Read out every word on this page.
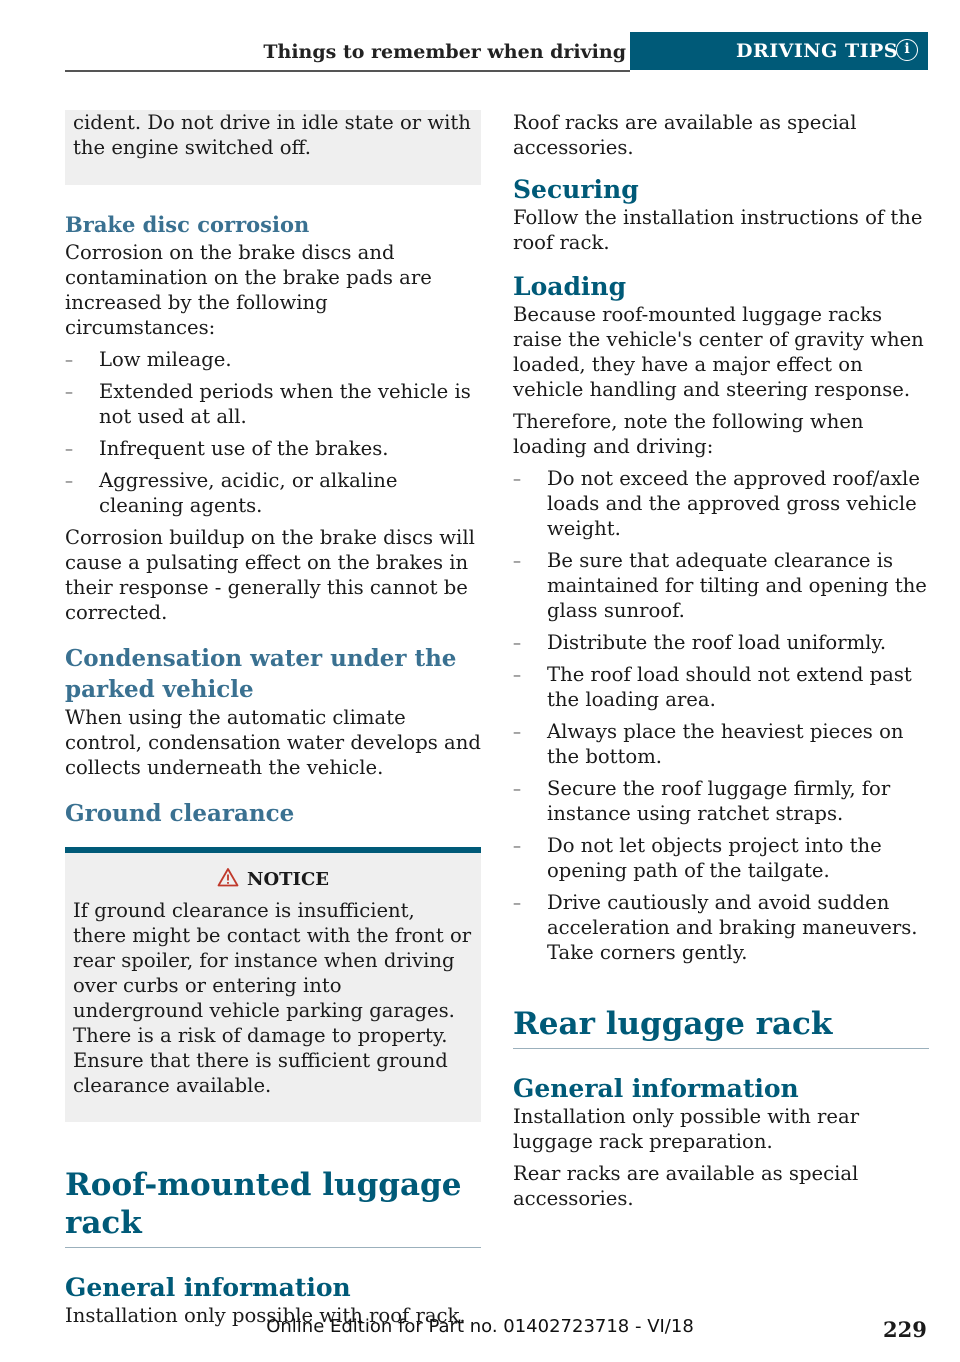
Things to remember when driving	DRIVING TIPS i

cident. Do not drive in idle state or with the engine switched off.

Brake disc corrosion

Corrosion on the brake discs and contamination on the brake pads are increased by the following circumstances:

– Low mileage.
– Extended periods when the vehicle is not used at all.
– Infrequent use of the brakes.
– Aggressive, acidic, or alkaline cleaning agents.

Corrosion buildup on the brake discs will cause a pulsating effect on the brakes in their response - generally this cannot be corrected.

Condensation water under the parked vehicle

When using the automatic climate control, condensation water develops and collects underneath the vehicle.

Ground clearance
NOTICE

If ground clearance is insufficient, there might be contact with the front or rear spoiler, for instance when driving over curbs or entering into underground vehicle parking garages. There is a risk of damage to property. Ensure that there is sufficient ground clearance available.

Roof-mounted luggage rack
General information

Installation only possible with roof rack.

Roof racks are available as special accessories.

Securing

Follow the installation instructions of the roof rack.

Loading

Because roof-mounted luggage racks raise the vehicle's center of gravity when loaded, they have a major effect on vehicle handling and steering response.

Therefore, note the following when loading and driving:

– Do not exceed the approved roof/axle loads and the approved gross vehicle weight.
– Be sure that adequate clearance is maintained for tilting and opening the glass sunroof.
– Distribute the roof load uniformly.
– The roof load should not extend past the loading area.
– Always place the heaviest pieces on the bottom.
– Secure the roof luggage firmly, for instance using ratchet straps.
– Do not let objects project into the opening path of the tailgate.
– Drive cautiously and avoid sudden acceleration and braking maneuvers. Take corners gently.
Rear luggage rack
General information

Installation only possible with rear luggage rack preparation.

Rear racks are available as special accessories.

Online Edition for Part no. 01402723718 - VI/18	229
